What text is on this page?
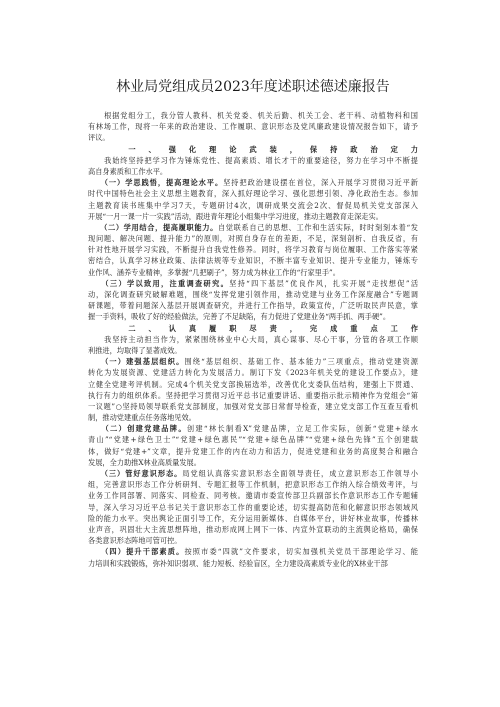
林业局党组成员2023年度述职述德述廉报告
　　根据党组分工，我分管人教科、机关党委、机关后勤、机关工会、老干科、动植物科和国
有林场工作，现将一年来的政治建设、工作履职、意识形态及党风廉政建设情况报告如下，请予
评议。
　　一、强化理论武装，保持政治定力
　　我始终坚持把学习作为锤炼党性、提高素质、增长才干的重要途径，努力在学习中不断提
高自身素质和工作水平。
　　（一）学思践悟，提高理论水平。坚持把政治建设摆在首位，深入开展学习贯彻习近平新
时代中国特色社会主义思想主题教育，深入抓好理论学习、强化思想引领、净化政治生态。参加
主题教育读书班集中学习7天，专题研讨4次，调研成果交流会2次、督促局机关党支部深入
开展“一月一课一片一实践”活动，跟进青年理论小组集中学习进度，推动主题教育走深走实。
　　（二）学用结合，提高履职能力。自觉联系自己的思想、工作和生活实际，时时刻刻本着“发
现问题、解决问题、提升能力”的原则，对照自身存在的差距，不足，深刻剖析、自我反省，有
针对性地开展学习实践，不断提升自我党性修养。同时，将学习教育与岗位履职、工作落实等紧
密结合，认真学习林业政策、法律法规等专业知识，不断丰富专业知识、提升专业能力，锤炼专
业作风、涵养专业精神，多掌握“几把刷子”，努力成为林业工作的“行家里手”。
　　（三）学以致用，注重调查研究。坚持“四下基层”优良作风，扎实开展“走找想促”活
动，深化调查研究破解难题，围绕“发挥党建引领作用，推动党建与业务工作深度融合”专题调
研课题，带着问题深入基层开展调查研究，并进行工作指导，政策宣传，广泛听取民声民意，掌
握一手资料，吸收了好的经验做法，完善了不足缺陷，有力促进了党建业务“两手抓、两手硬”。
　　二、认真履职尽责，完成重点工作
　　我坚持主动担当作为，紧紧围绕林业中心大局，真心谋事、尽心干事，分管的各项工作顺
利推进，均取得了显著成效。
　　（一）建强基层组织。围绕“基层组织、基础工作、基本能力”三项重点，推动党建资源
转化为发展资源、党建活力转化为发展活力。制订下发《2023年机关党的建设工作要点》，建
立健全党建考评机制。完成4个机关党支部换届选举，改善优化支委队伍结构，建强上下贯通、
执行有力的组织体系。坚持把学习贯彻习近平总书记重要讲话、重要指示批示精神作为党组会“第
一议题”○坚持局领导联系党支部制度，加强对党支部日常督导检查，建立党支部工作互查互看机
制，推动党建重点任务落地见效。
　　（二）创建党建品牌。创建“林长制看X”党建品牌，立足工作实际，创新“党建+绿水
青山”“党建+绿色卫士”“党建+绿色惠民”“党建+绿色品牌”“党建+绿色先锋”五个创建载
体，做好“党建+”文章，提升党建工作的内在动力和活力，促进党建和业务的高度契合和融合
发展，全力助推X林业高质量发展。
　　（三）管好意识形态。局党组认真落实意识形态全面领导责任，成立意识形态工作领导小
组，完善意识形态工作分析研判、专题汇报等工作机制，把意识形态工作纳入综合绩效考评，与
业务工作同部署、同落实、同检查、同考核。邀请市委宣传部卫兵副部长作意识形态工作专题辅
导，深入学习习近平总书记关于意识形态工作的重要论述，切实提高防范和化解意识形态领域风
险的能力水平。突出舆论正面引导工作，充分运用新媒体、自媒体平台，讲好林业故事，传播林
业声音，巩固壮大主流思想阵地，推动形成网上网下一体、内宣外宣联动的主流舆论格局，确保
各类意识形态阵地可管可控。
　　（四）提升干部素质。按照市委“四就”文件要求，切实加强机关党员干部理论学习、能
力培训和实践锻炼，弥补知识弱项、能力短板、经验盲区，全力建设高素质专业化的X林业干部
